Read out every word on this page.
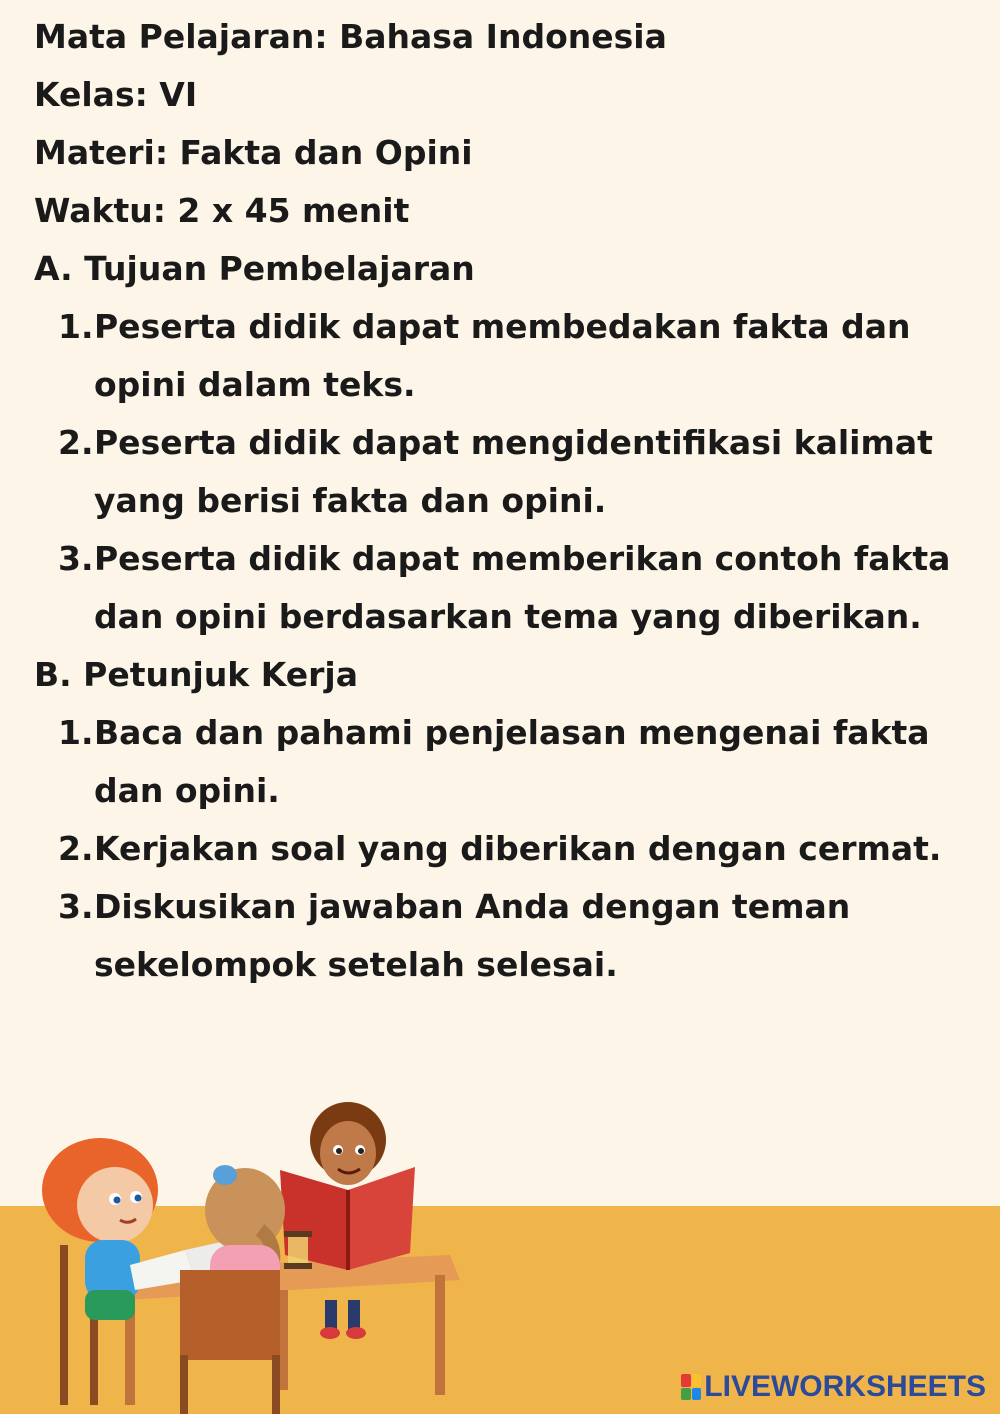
Mata Pelajaran: Bahasa Indonesia
Kelas: VI
Materi: Fakta dan Opini
Waktu: 2 x 45 menit
A. Tujuan Pembelajaran
1. Peserta didik dapat membedakan fakta dan opini dalam teks.
2. Peserta didik dapat mengidentifikasi kalimat yang berisi fakta dan opini.
3. Peserta didik dapat memberikan contoh fakta dan opini berdasarkan tema yang diberikan.
B. Petunjuk Kerja
1. Baca dan pahami penjelasan mengenai fakta dan opini.
2. Kerjakan soal yang diberikan dengan cermat.
3. Diskusikan jawaban Anda dengan teman sekelompok setelah selesai.
LIVEWORKSHEETS
